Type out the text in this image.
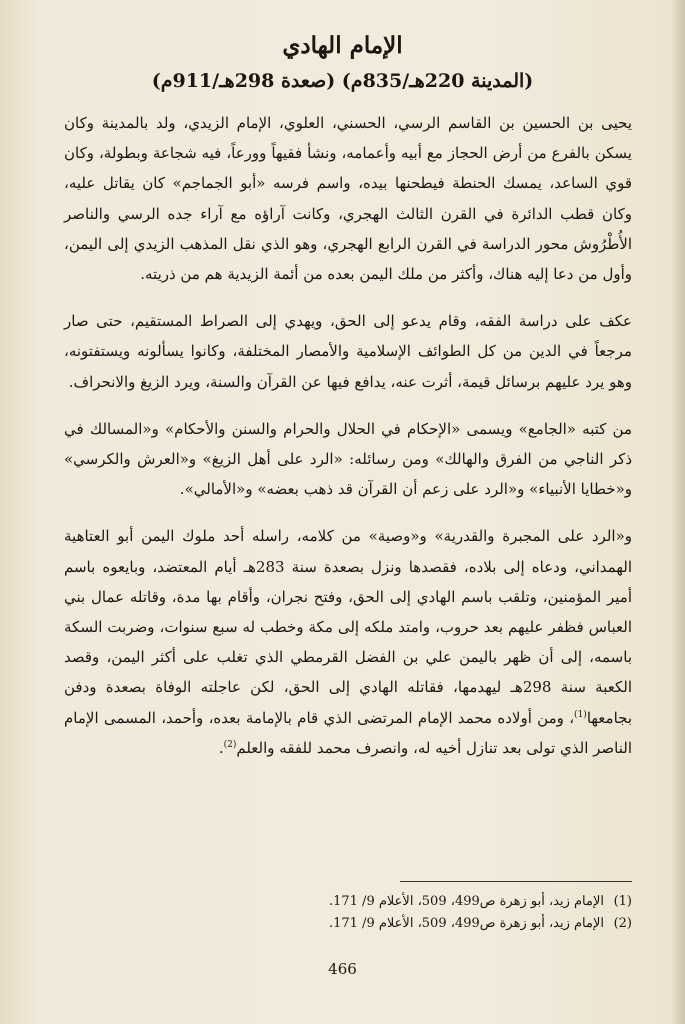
الإمام الهادي
(المدينة 220هـ/835م) (صعدة 298هـ/911م)

يحيى بن الحسين بن القاسم الرسي، الحسني، العلوي، الإمام الزيدي، ولد بالمدينة وكان يسكن بالفرع من أرض الحجاز مع أبيه وأعمامه، ونشأ فقيهاً وورعاً، فيه شجاعة وبطولة، وكان قوي الساعد، يمسك الحنطة فيطحنها بيده، واسم فرسه «أبو الجماجم» كان يقاتل عليه، وكان قطب الدائرة في القرن الثالث الهجري، وكانت آراؤه مع آراء جده الرسي والناصر الأُطْرُوش محور الدراسة في القرن الرابع الهجري، وهو الذي نقل المذهب الزيدي إلى اليمن، وأول من دعا إليه هناك، وأكثر من ملك اليمن بعده من أئمة الزيدية هم من ذريته.

عكف على دراسة الفقه، وقام يدعو إلى الحق، ويهدي إلى الصراط المستقيم، حتى صار مرجعاً في الدين من كل الطوائف الإسلامية والأمصار المختلفة، وكانوا يسألونه ويستفتونه، وهو يرد عليهم برسائل قيمة، أثرت عنه، يدافع فيها عن القرآن والسنة، ويرد الزيغ والانحراف.

من كتبه «الجامع» ويسمى «الإحكام في الحلال والحرام والسنن والأحكام» و«المسالك في ذكر الناجي من الفرق والهالك» ومن رسائله: «الرد على أهل الزيغ» و«العرش والكرسي» و«خطايا الأنبياء» و«الرد على زعم أن القرآن قد ذهب بعضه» و«الأمالي».

و«الرد على المجبرة والقدرية» و«وصية» من كلامه، راسله أحد ملوك اليمن أبو العتاهية الهمداني، ودعاه إلى بلاده، فقصدها ونزل بصعدة سنة 283هـ أيام المعتضد، وبايعوه باسم أمير المؤمنين، وتلقب باسم الهادي إلى الحق، وفتح نجران، وأقام بها مدة، وقاتله عمال بني العباس فظفر عليهم بعد حروب، وامتد ملكه إلى مكة وخطب له سبع سنوات، وضربت السكة باسمه، إلى أن ظهر باليمن علي بن الفضل القرمطي الذي تغلب على أكثر اليمن، وقصد الكعبة سنة 298هـ ليهدمها، فقاتله الهادي إلى الحق، لكن عاجلته الوفاة بصعدة ودفن بجامعها$^{(1)}$، ومن أولاده محمد الإمام المرتضى الذي قام بالإمامة بعده، وأحمد، المسمى الإمام الناصر الذي تولى بعد تنازل أخيه له، وانصرف محمد للفقه والعلم$^{(2)}$.

(1)
الإمام زيد، أبو زهرة ص499، 509، الأعلام 9/ 171.
(2)
الإمام زيد، أبو زهرة ص499، 509، الأعلام 9/ 171.
466
